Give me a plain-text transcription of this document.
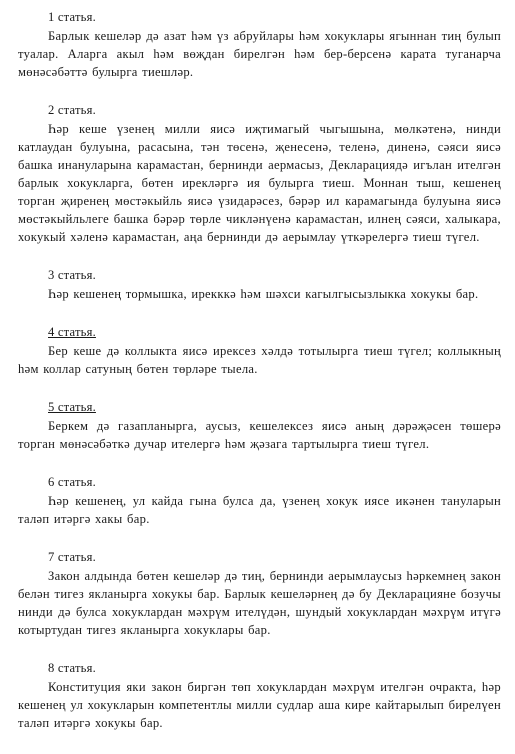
1 статья.

Барлык кешеләр дә азат һәм үз абруйлары һәм хокуклары ягыннан тиң булып туалар. Аларга акыл һәм вөҗдан бирелгән һәм бер-берсенә карата туганарча мөнәсәбәттә булырга тиешләр.

2 статья.

Һәр кеше үзенең милли яисә иҗтимагый чыгышына, мөлкәтенә, нинди катлаудан булуына, расасына, тән төсенә, җенесенә, теленә, диненә, сәяси яисә башка инануларына карамастан, бернинди аермасыз, Декларациядә игълан ителгән барлык хокукларга, бөтен ирекләргә ия булырга тиеш. Моннан тыш, кешенең торган җиренең мөстәкыйль яисә үзидарәсез, бәрәр ил карамагында булуына яисә мөстәкыйльлеге башка бәрәр төрле чикләнүенә карамастан, илнең сәяси, халыкара, хокукый хәленә карамастан, аңа бернинди дә аерымлау үткәрелергә тиеш түгел.

3 статья.

Һәр кешенең тормышка, ирекккә һәм шәхси кагылгысызлыкка хокукы бар.

4 статья.

Бер кеше дә коллыкта яисә ирексез хәлдә тотылырга тиеш түгел; коллыкның һәм коллар сатуның бөтен төрләре тыела.

5 статья.

Беркем дә газапланырга, аусыз, кешелексез яисә аның дәрәҗәсен төшерә торган мөнәсәбәткә дучар ителергә һәм җәзага тартылырга тиеш түгел.

6 статья.

Һәр кешенең, ул кайда гына булса да, үзенең хокук иясе икәнен тануларын таләп итәргә хакы бар.

7 статья.

Закон алдында бөтен кешеләр дә тиң, бернинди аерымлаусыз һәркемнең закон белән тигез якланырга хокукы бар. Барлык кешеләрнең дә бу Декларацияне бозучы нинди дә булса хокуклардан мәхрүм ителүдән, шундый хокуклардан мәхрүм итүгә котыртудан тигез якланырга хокуклары бар.

8 статья.

Конституция яки закон биргән төп хокуклардан мәхрүм ителгән очракта, һәр кешенең ул хокукларын компетентлы милли судлар аша кире кайтарылып бирелүен таләп итәргә хокукы бар.
